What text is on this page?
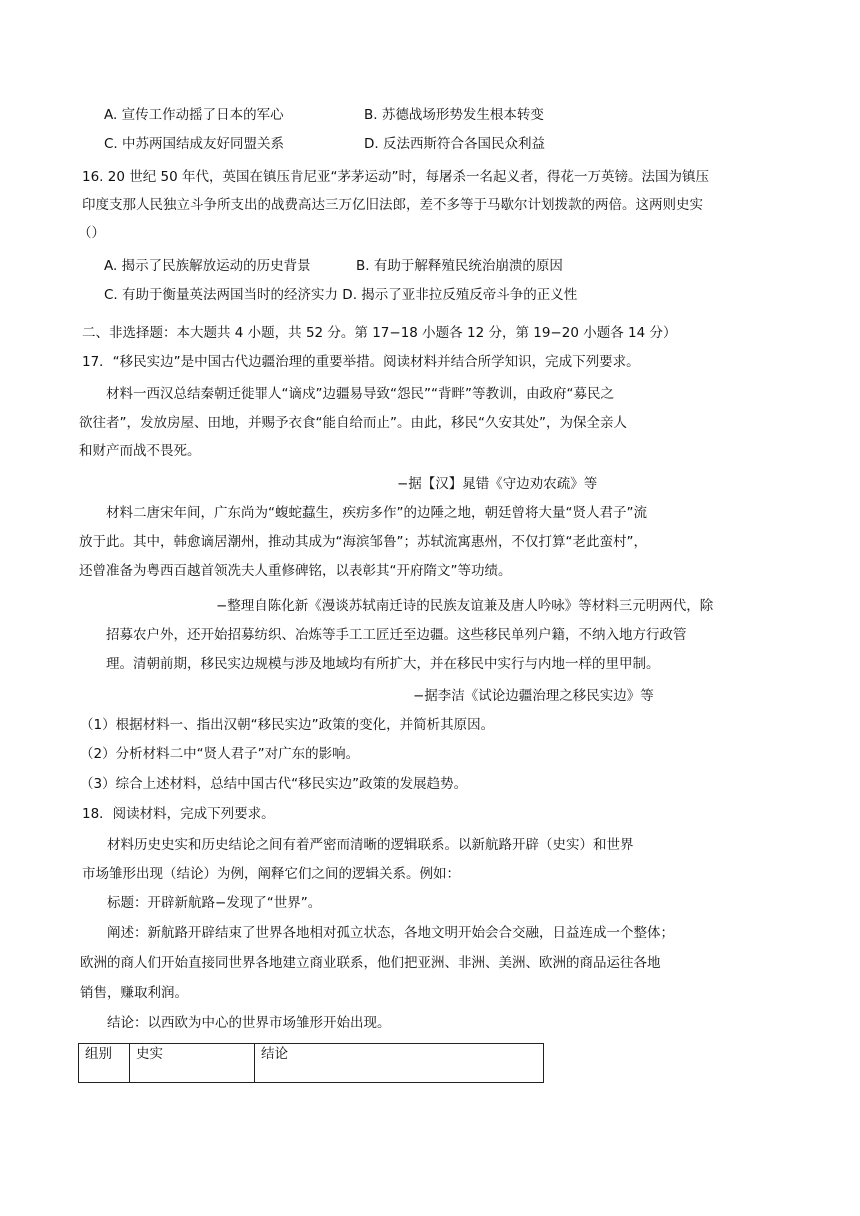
A. 宣传工作动摇了日本的军心	B. 苏德战场形势发生根本转变
C. 中苏两国结成友好同盟关系	D. 反法西斯符合各国民众利益
16. 20 世纪 50 年代，英国在镇压肯尼亚“茅茅运动”时，每屠杀一名起义者，得花一万英镑。法国为镇压
印度支那人民独立斗争所支出的战费高达三万亿旧法郎，差不多等于马歇尔计划拨款的两倍。这两则史实
（）
A. 揭示了民族解放运动的历史背景	B. 有助于解释殖民统治崩溃的原因
C. 有助于衡量英法两国当时的经济实力 D. 揭示了亚非拉反殖反帝斗争的正义性
二、非选择题：本大题共 4 小题，共 52 分。第 17−18 小题各 12 分，第 19−20 小题各 14 分）
17．“移民实边”是中国古代边疆治理的重要举措。阅读材料并结合所学知识，完成下列要求。
材料一西汉总结秦朝迁徙罪人“谪戍”边疆易导致“怨民”“背畔”等教训，由政府“募民之
欲往者”，发放房屋、田地，并赐予衣食“能自给而止”。由此，移民“久安其处”，为保全亲人
和财产而战不畏死。
−据【汉】晁错《守边劝农疏》等
材料二唐宋年间，广东尚为“蝮蛇蠚生，疾疠多作”的边陲之地，朝廷曾将大量“贤人君子”流
放于此。其中，韩愈谪居潮州，推动其成为“海滨邹鲁”；苏轼流寓惠州，不仅打算“老此蛮村”，
还曾准备为粤西百越首领冼夫人重修碑铭，以表彰其“开府隋文”等功绩。
−整理自陈化新《漫谈苏轼南迁诗的民族友谊兼及唐人吟咏》等材料三元明两代，除
招募农户外，还开始招募纺织、冶炼等手工工匠迁至边疆。这些移民单列户籍，不纳入地方行政管
理。清朝前期，移民实边规模与涉及地域均有所扩大，并在移民中实行与内地一样的里甲制。
−据李洁《试论边疆治理之移民实边》等
（1）根据材料一、指出汉朝“移民实边”政策的变化，并简析其原因。
（2）分析材料二中“贤人君子”对广东的影响。
（3）综合上述材料，总结中国古代“移民实边”政策的发展趋势。
18．阅读材料，完成下列要求。
材料历史史实和历史结论之间有着严密而清晰的逻辑联系。以新航路开辟（史实）和世界
市场雏形出现（结论）为例，阐释它们之间的逻辑关系。例如：
标题：开辟新航路−发现了“世界”。
阐述：新航路开辟结束了世界各地相对孤立状态，各地文明开始会合交融，日益连成一个整体；
欧洲的商人们开始直接同世界各地建立商业联系，他们把亚洲、非洲、美洲、欧洲的商品运往各地
销售，赚取利润。
结论：以西欧为中心的世界市场雏形开始出现。
组别	史实	结论
